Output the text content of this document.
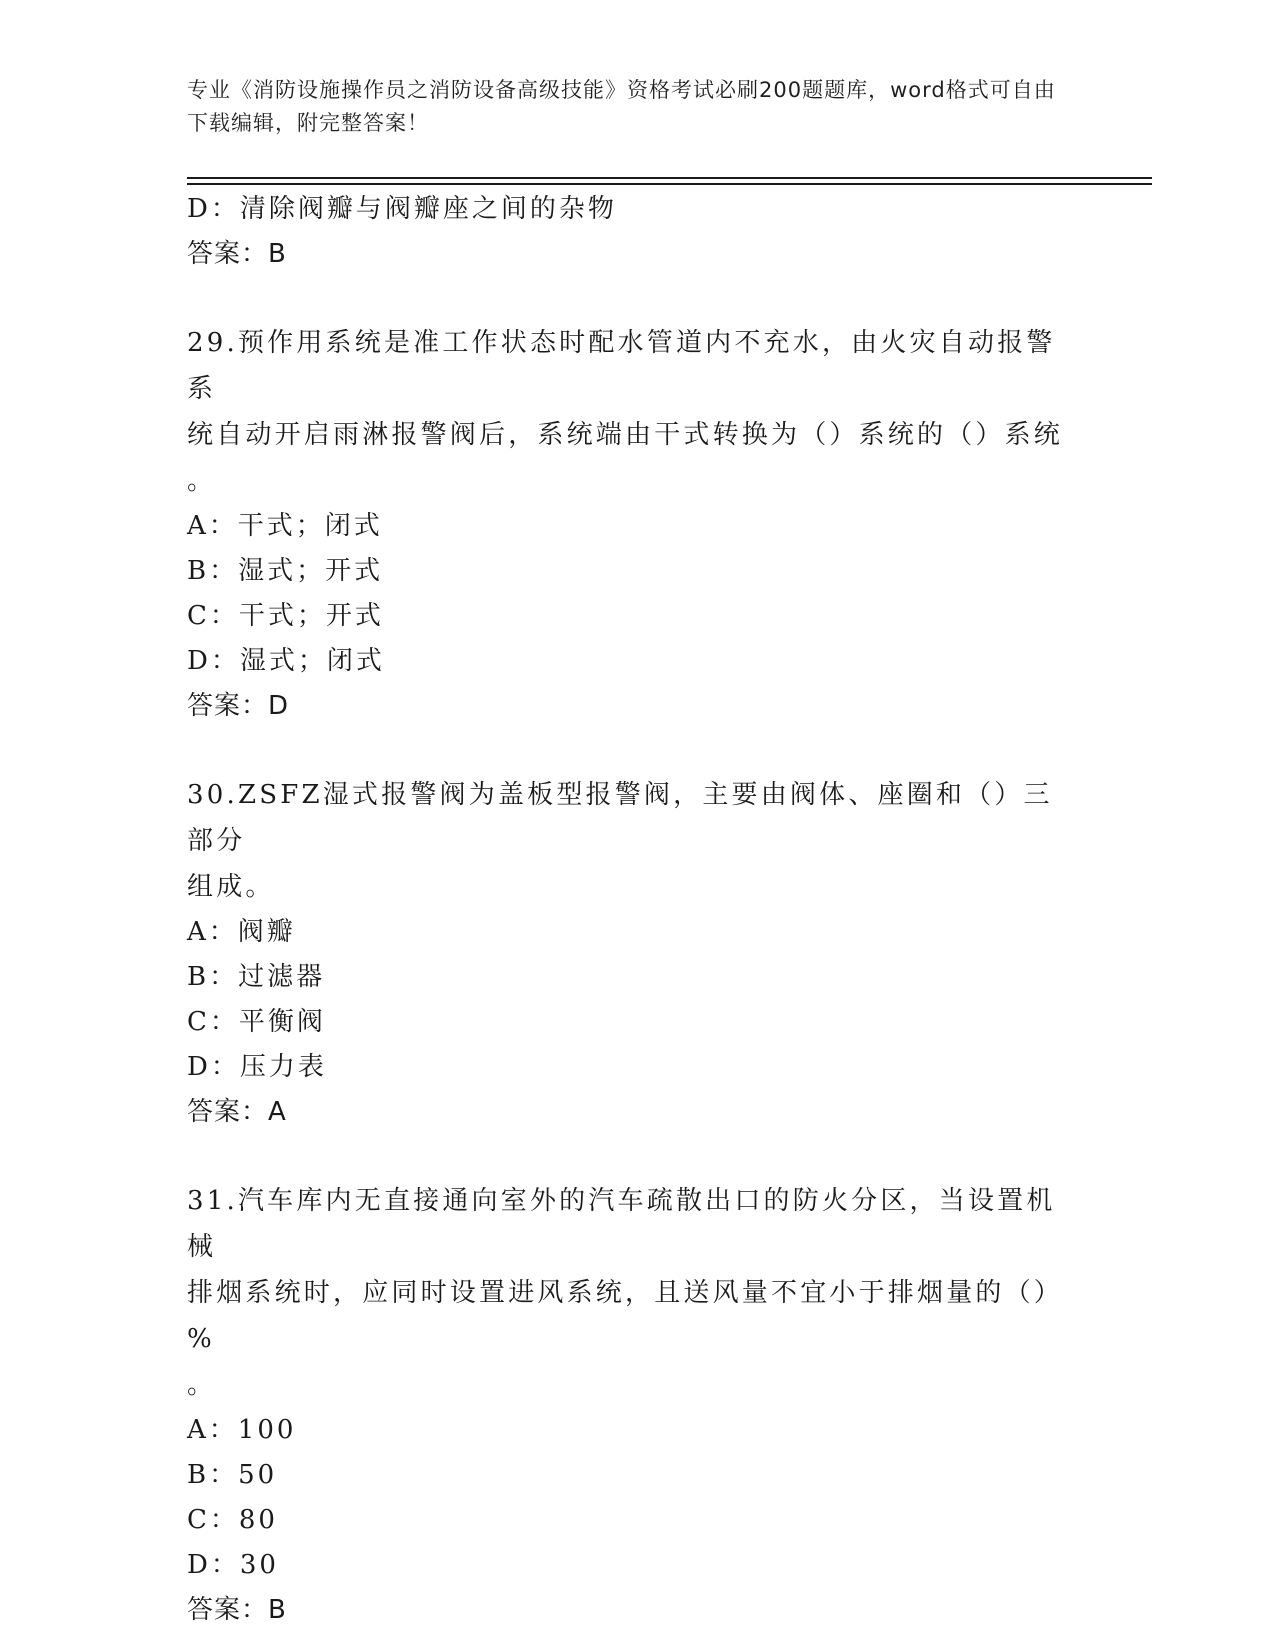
专业《消防设施操作员之消防设备高级技能》资格考试必刷200题题库，word格式可自由下载编辑，附完整答案！
D：清除阀瓣与阀瓣座之间的杂物
答案：B
29.预作用系统是准工作状态时配水管道内不充水，由火灾自动报警系
统自动开启雨淋报警阀后，系统端由干式转换为（）系统的（）系统
。
A：干式；闭式
B：湿式；开式
C：干式；开式
D：湿式；闭式
答案：D
30.ZSFZ湿式报警阀为盖板型报警阀，主要由阀体、座圈和（）三部分
组成。
A：阀瓣
B：过滤器
C：平衡阀
D：压力表
答案：A
31.汽车库内无直接通向室外的汽车疏散出口的防火分区，当设置机械
排烟系统时，应同时设置进风系统，且送风量不宜小于排烟量的（）%
。
A：100
B：50
C：80
D：30
答案：B
